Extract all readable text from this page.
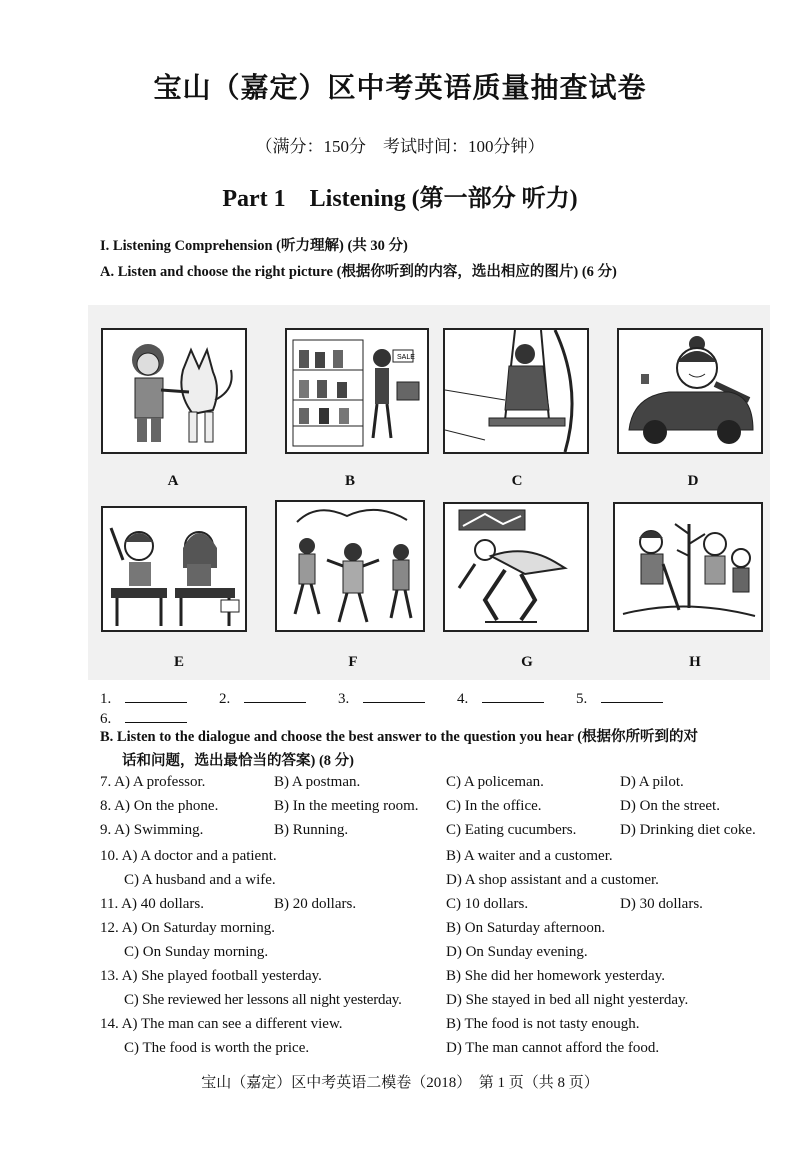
宝山（嘉定）区中考英语质量抽查试卷
（满分：150分　考试时间：100分钟）
Part 1　Listening (第一部分 听力)
I. Listening Comprehension (听力理解) (共 30 分)
A. Listen and choose the right picture (根据你听到的内容，选出相应的图片) (6 分)
SALE
A	B	C	D
E	F	G	H
1.	2.	3.	4.	5. 6.
B. Listen to the dialogue and choose the best answer to the question you hear (根据你所听到的对
话和问题，选出最恰当的答案) (8 分)
7. A) A professor.	B) A postman.	C) A policeman.	D) A pilot.
8. A) On the phone.	B) In the meeting room. C) In the office.	D) On the street.
9. A) Swimming.	B) Running.	C) Eating cucumbers.	D) Drinking diet coke.
10. A) A doctor and a patient.	B) A waiter and a customer.
C) A husband and a wife.	D) A shop assistant and a customer.
11. A) 40 dollars.	B) 20 dollars.	C) 10 dollars.	D) 30 dollars.
12. A) On Saturday morning.	B) On Saturday afternoon.
C) On Sunday morning.	D) On Sunday evening.
13. A) She played football yesterday.	B) She did her homework yesterday.
C) She reviewed her lessons all night yesterday.	D) She stayed in bed all night yesterday.
14. A) The man can see a different view.	B) The food is not tasty enough.
C) The food is worth the price.	D) The man cannot afford the food.
宝山（嘉定）区中考英语二模卷（2018）　第 1 页（共 8 页）
